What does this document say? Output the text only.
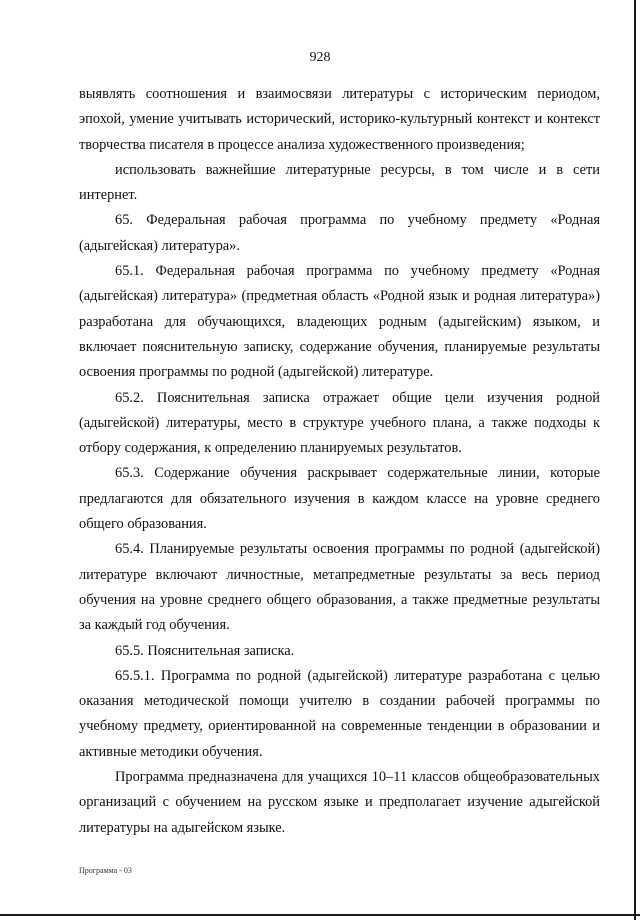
928

выявлять соотношения и взаимосвязи литературы с историческим периодом, эпохой, умение учитывать исторический, историко-культурный контекст и контекст творчества писателя в процессе анализа художественного произведения;

использовать важнейшие литературные ресурсы, в том числе и в сети интернет.

65. Федеральная рабочая программа по учебному предмету «Родная (адыгейская) литература».

65.1. Федеральная рабочая программа по учебному предмету «Родная (адыгейская) литература» (предметная область «Родной язык и родная литература») разработана для обучающихся, владеющих родным (адыгейским) языком, и включает пояснительную записку, содержание обучения, планируемые результаты освоения программы по родной (адыгейской) литературе.

65.2. Пояснительная записка отражает общие цели изучения родной (адыгейской) литературы, место в структуре учебного плана, а также подходы к отбору содержания, к определению планируемых результатов.

65.3. Содержание обучения раскрывает содержательные линии, которые предлагаются для обязательного изучения в каждом классе на уровне среднего общего образования.

65.4. Планируемые результаты освоения программы по родной (адыгейской) литературе включают личностные, метапредметные результаты за весь период обучения на уровне среднего общего образования, а также предметные результаты за каждый год обучения.

65.5. Пояснительная записка.

65.5.1. Программа по родной (адыгейской) литературе разработана с целью оказания методической помощи учителю в создании рабочей программы по учебному предмету, ориентированной на современные тенденции в образовании и активные методики обучения.

Программа предназначена для учащихся 10–11 классов общеобразовательных организаций с обучением на русском языке и предполагает изучение адыгейской литературы на адыгейском языке.

Программа - 03
